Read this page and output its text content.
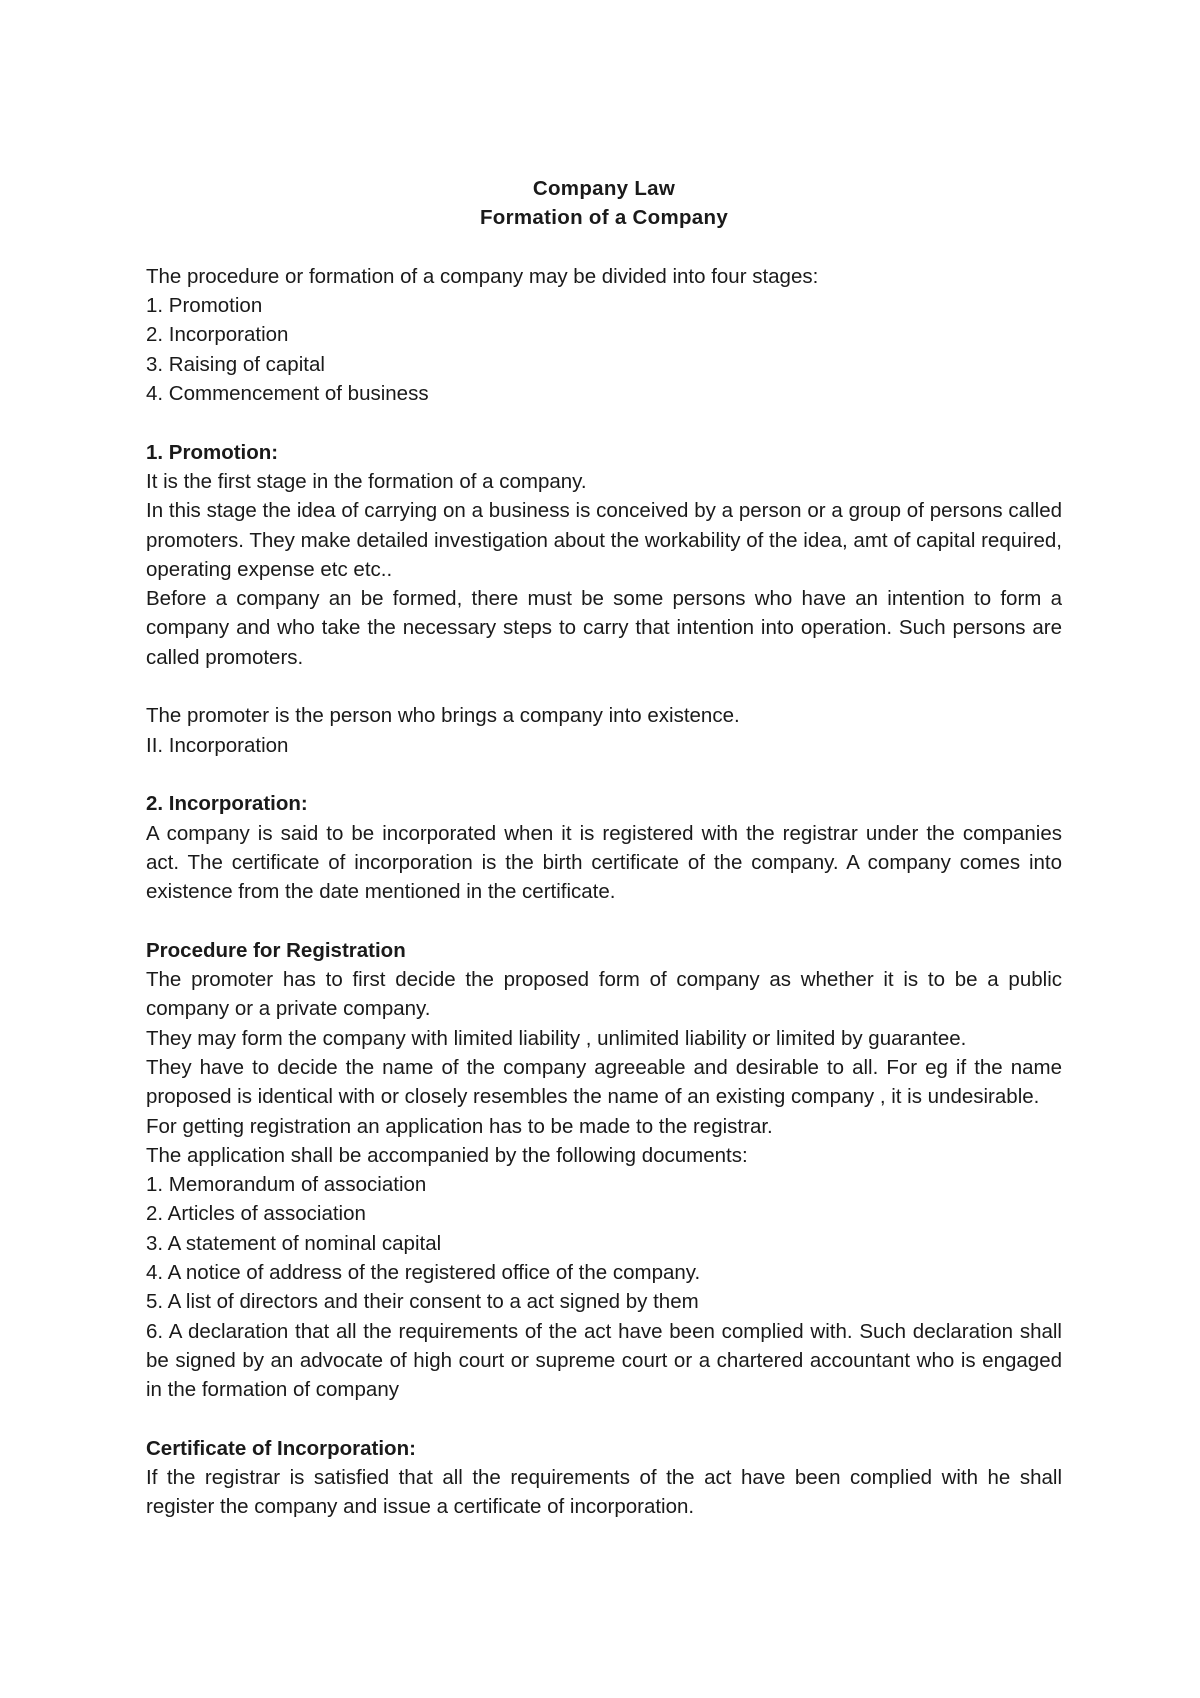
Company Law
Formation of a Company

The procedure or formation of a company may be divided into four stages:

1. Promotion

2. Incorporation

3. Raising of capital

4. Commencement of business

1. Promotion:

It is the first stage in the formation of a company.

In this stage the idea of carrying on a business is conceived by a person or a group of persons called promoters. They make detailed investigation about the workability of the idea, amt of capital required, operating expense etc etc..

Before a company an be formed, there must be some persons who have an intention to form a company and who take the necessary steps to carry that intention into operation. Such persons are called promoters.

The promoter is the person who brings a company into existence.

II. Incorporation

2. Incorporation:

A company is said to be incorporated when it is registered with the registrar under the companies act. The certificate of incorporation is the birth certificate of the company. A company comes into existence from the date mentioned in the certificate.

Procedure for Registration

The promoter has to first decide the proposed form of company as whether it is to be a public company or a private company.

They may form the company with limited liability , unlimited liability or limited by guarantee.

They have to decide the name of the company agreeable and desirable to all. For eg if the name proposed is identical with or closely resembles the name of an existing company , it is undesirable.

For getting registration an application has to be made to the registrar.

The application shall be accompanied by the following documents:

1. Memorandum of association

2. Articles of association

3. A statement of nominal capital

4. A notice of address of the registered office of the company.

5. A list of directors and their consent to a act signed by them

6. A declaration that all the requirements of the act have been complied with. Such declaration shall be signed by an advocate of high court or supreme court or a chartered accountant who is engaged in the formation of company

Certificate of Incorporation:

If the registrar is satisfied that all the requirements of the act have been complied with he shall register the company and issue a certificate of incorporation.
